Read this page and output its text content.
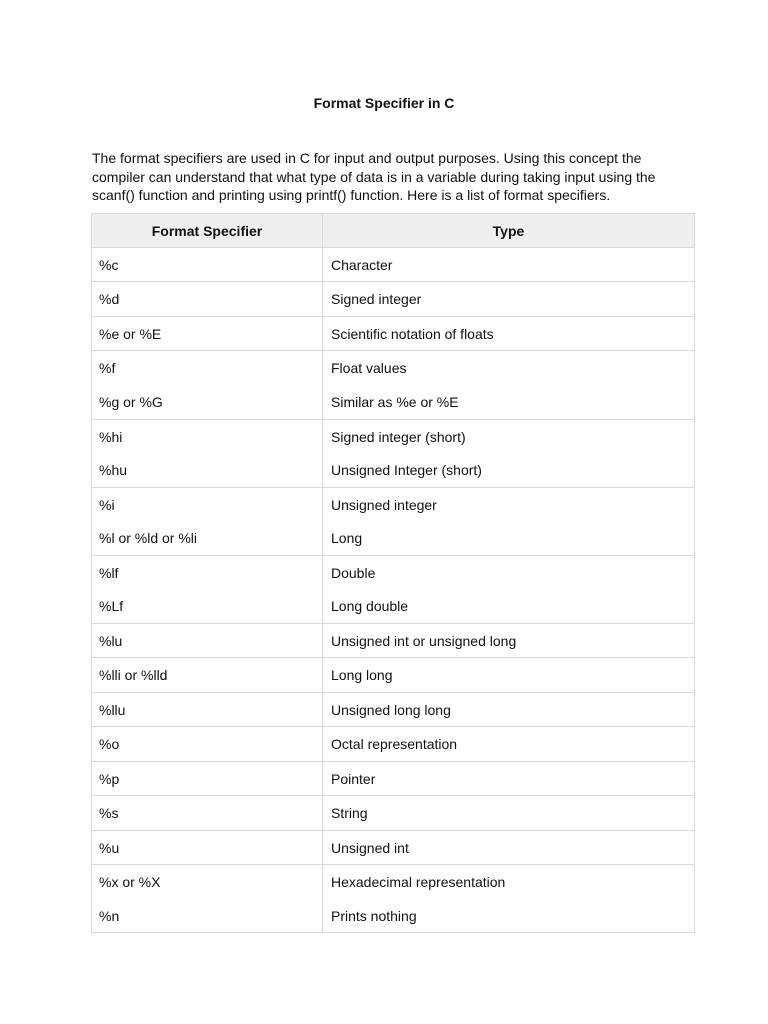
Format Specifier in C

The format specifiers are used in C for input and output purposes. Using this concept the compiler can understand that what type of data is in a variable during taking input using the scanf() function and printing using printf() function. Here is a list of format specifiers.

Format Specifier	Type
%c	Character
%d	Signed integer
%e or %E	Scientific notation of floats
%f	Float values
%g or %G	Similar as %e or %E
%hi	Signed integer (short)
%hu	Unsigned Integer (short)
%i	Unsigned integer
%l or %ld or %li	Long
%lf	Double
%Lf	Long double
%lu	Unsigned int or unsigned long
%lli or %lld	Long long
%llu	Unsigned long long
%o	Octal representation
%p	Pointer
%s	String
%u	Unsigned int
%x or %X	Hexadecimal representation
%n	Prints nothing
